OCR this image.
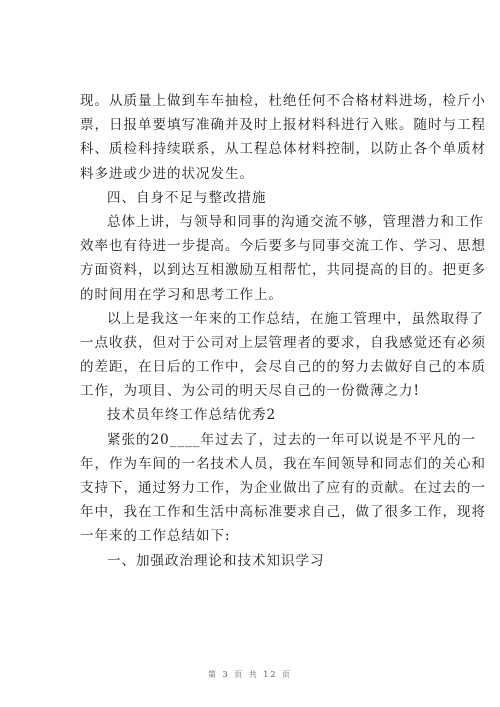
现。从质量上做到车车抽检，杜绝任何不合格材料进场，检斤小
票，日报单要填写准确并及时上报材料科进行入账。随时与工程
科、质检科持续联系，从工程总体材料控制，以防止各个单质材
料多进或少进的状况发生。
四、自身不足与整改措施
总体上讲，与领导和同事的沟通交流不够，管理潜力和工作
效率也有待进一步提高。今后要多与同事交流工作、学习、思想
方面资料，以到达互相激励互相帮忙，共同提高的目的。把更多
的时间用在学习和思考工作上。
以上是我这一年来的工作总结，在施工管理中，虽然取得了
一点收获，但对于公司对上层管理者的要求，自我感觉还有必须
的差距，在日后的工作中，会尽自己的的努力去做好自己的本质
工作，为项目、为公司的明天尽自己的一份微薄之力!
技术员年终工作总结优秀2
紧张的20____年过去了，过去的一年可以说是不平凡的一
年，作为车间的一名技术人员，我在车间领导和同志们的关心和
支持下，通过努力工作，为企业做出了应有的贡献。在过去的一
年中，我在工作和生活中高标准要求自己，做了很多工作，现将
一年来的工作总结如下:
一、加强政治理论和技术知识学习
第 3 页 共 12 页
